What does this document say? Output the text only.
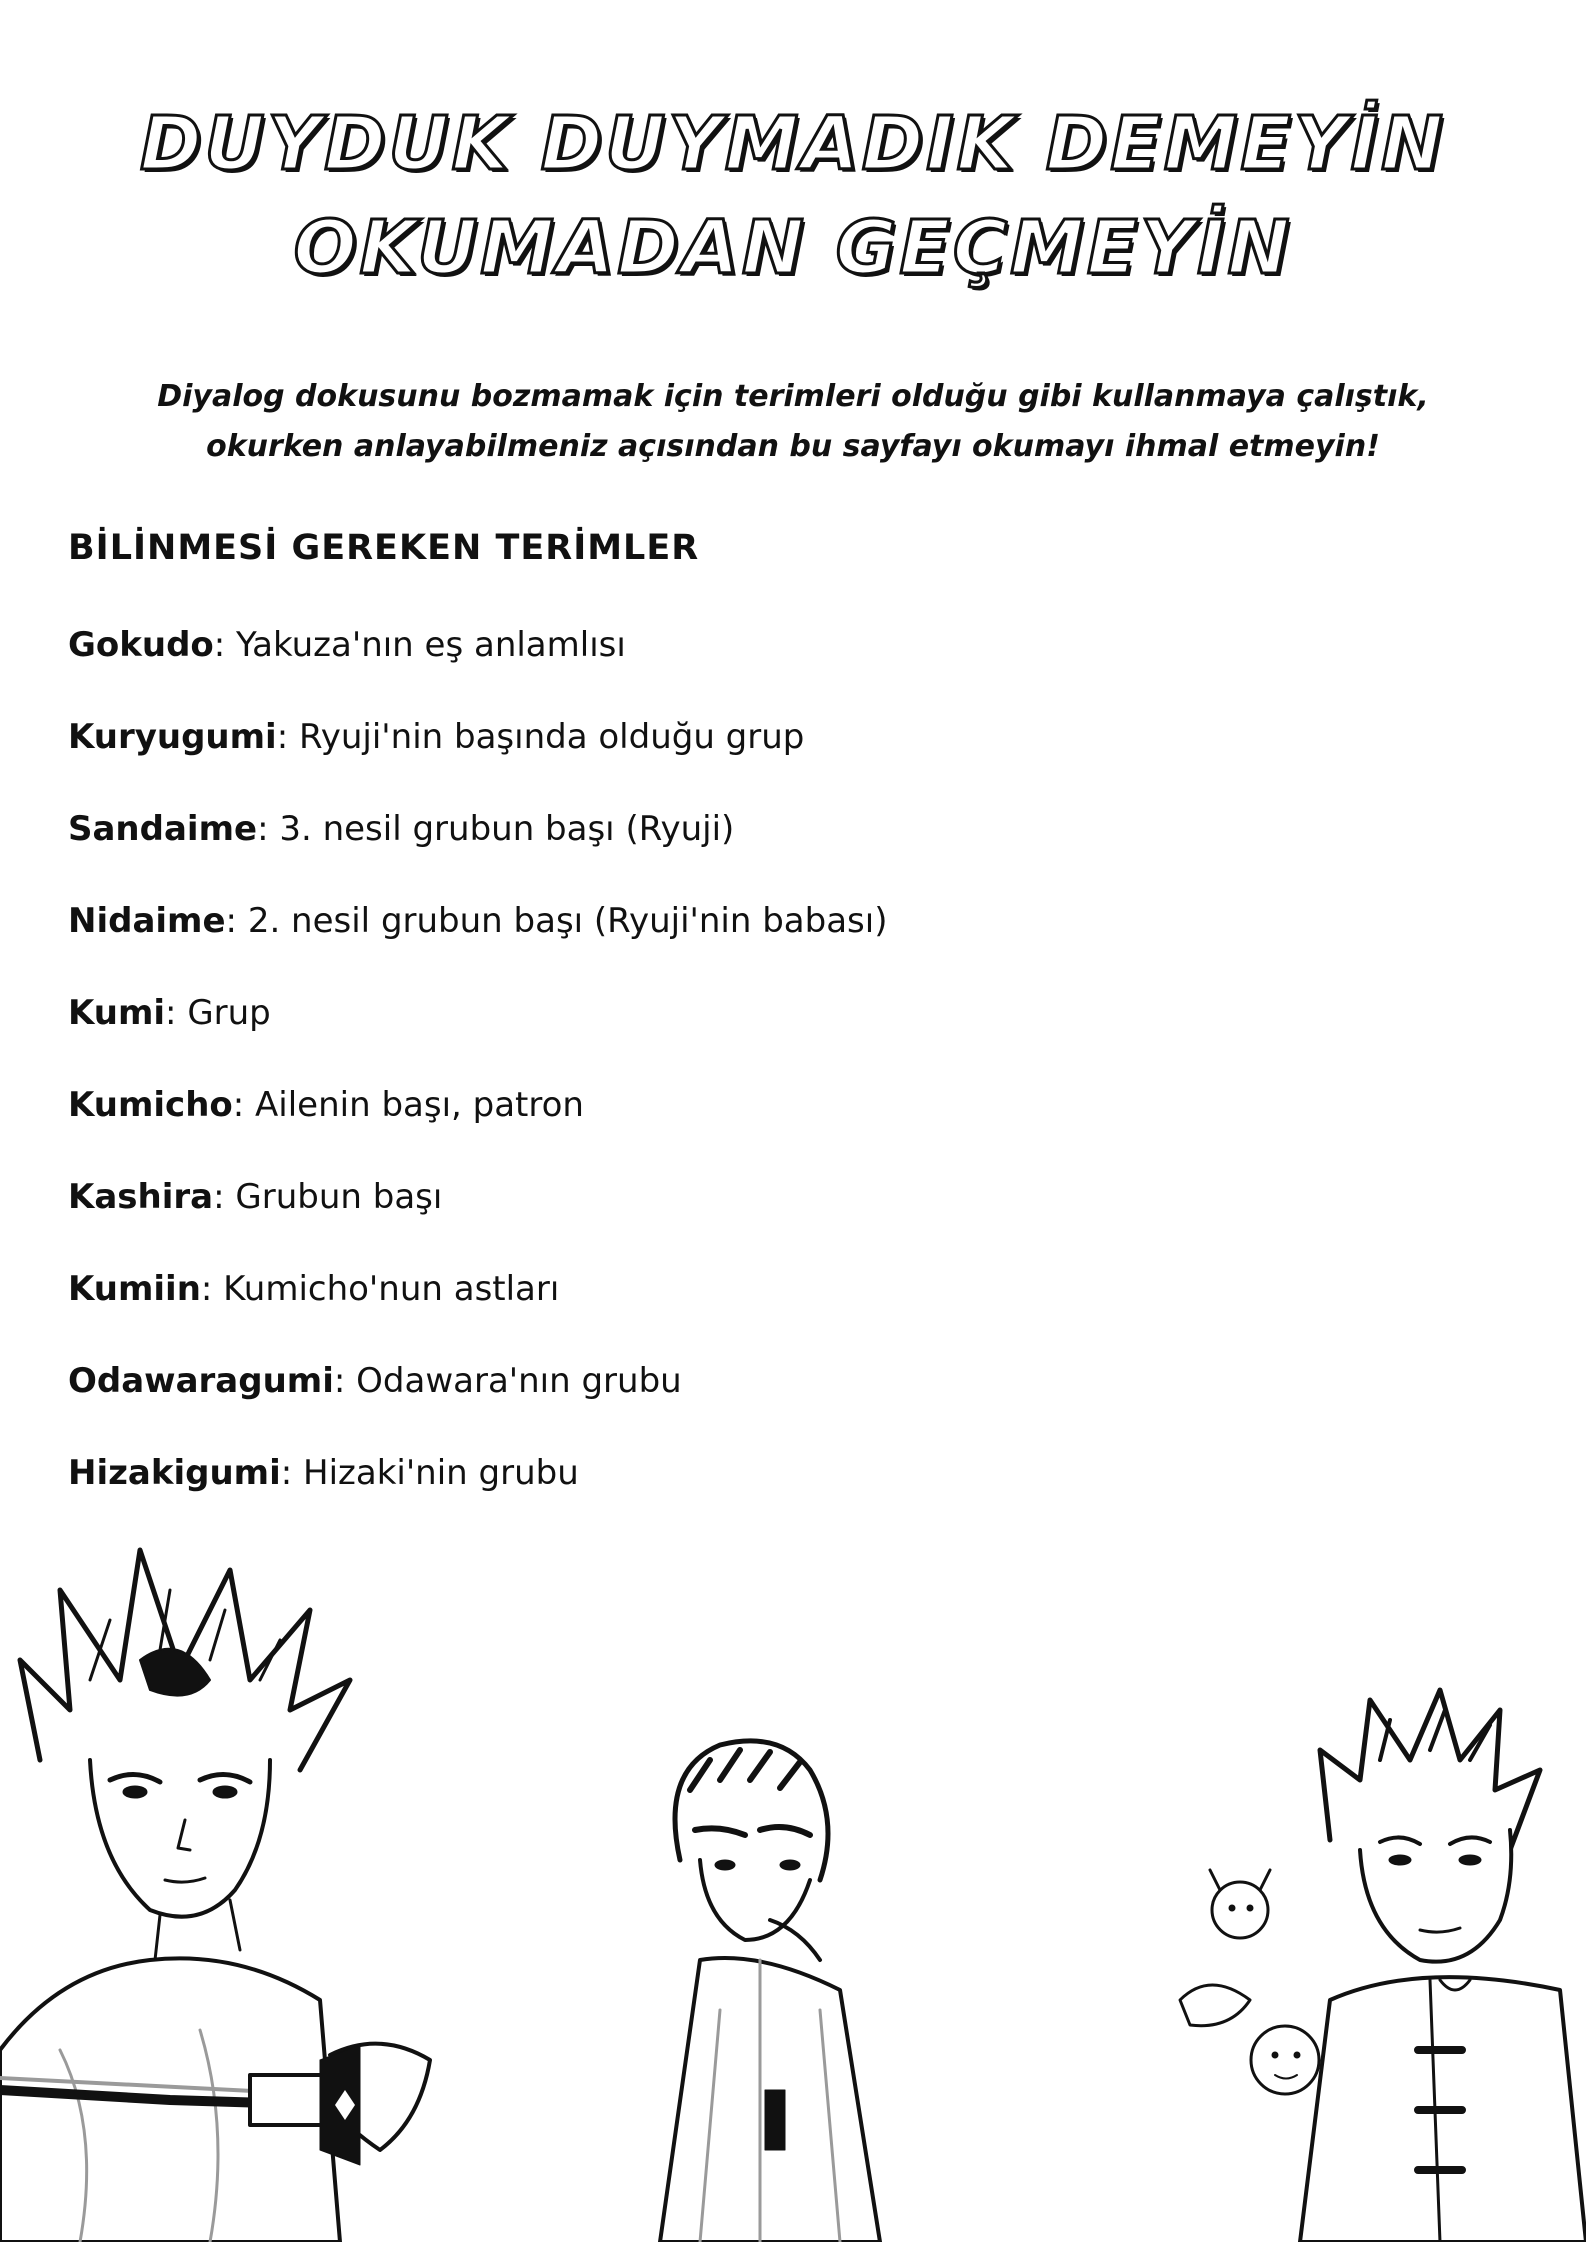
DUYDUK DUYMADIK DEMEYİN
OKUMADAN GEÇMEYİN
Diyalog dokusunu bozmamak için terimleri olduğu gibi kullanmaya çalıştık,
okurken anlayabilmeniz açısından bu sayfayı okumayı ihmal etmeyin!
BİLİNMESİ GEREKEN TERİMLER
Gokudo: Yakuza'nın eş anlamlısı
Kuryugumi: Ryuji'nin başında olduğu grup
Sandaime: 3. nesil grubun başı (Ryuji)
Nidaime: 2. nesil grubun başı (Ryuji'nin babası)
Kumi: Grup
Kumicho: Ailenin başı, patron
Kashira: Grubun başı
Kumiin: Kumicho'nun astları
Odawaragumi: Odawara'nın grubu
Hizakigumi: Hizaki'nin grubu
